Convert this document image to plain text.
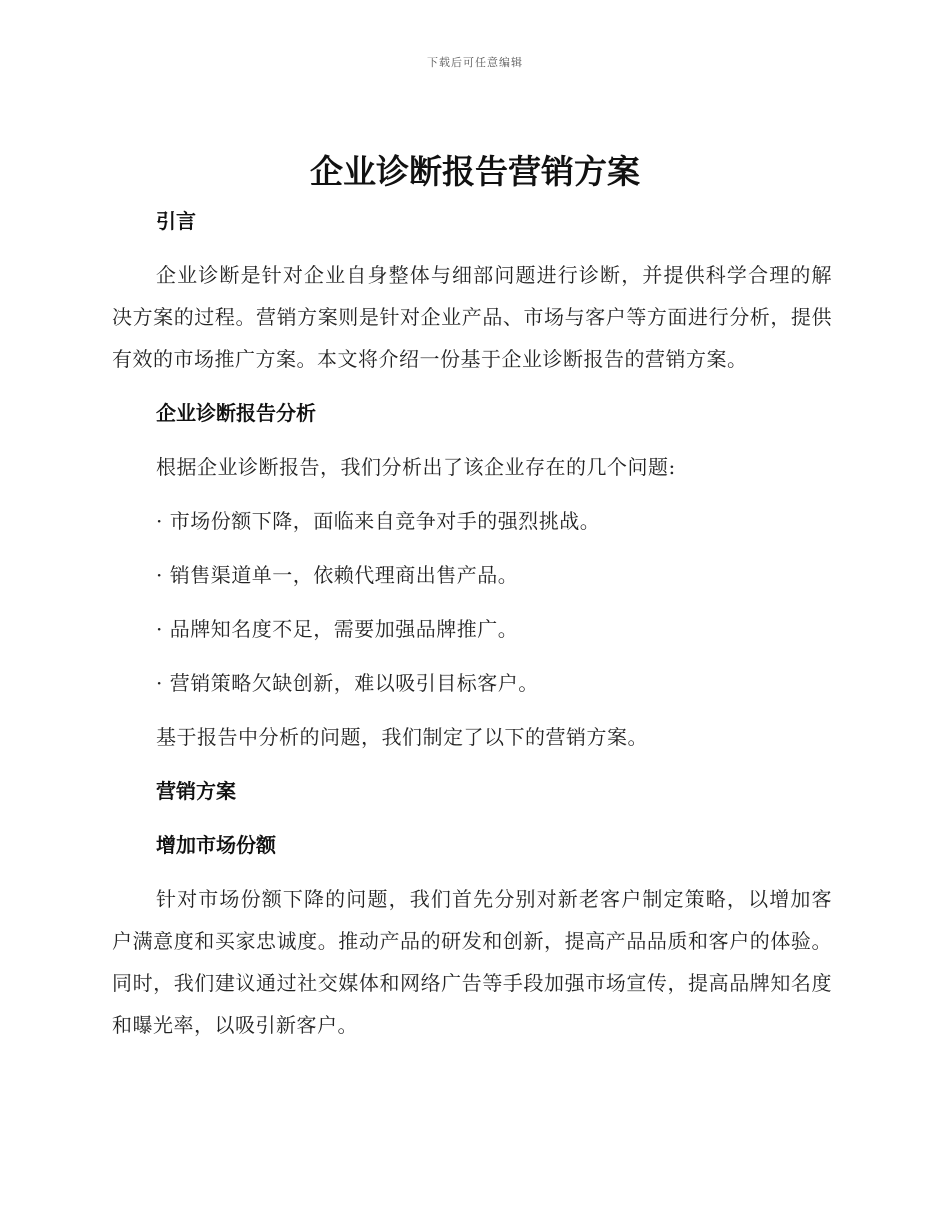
下载后可任意编辑
企业诊断报告营销方案
引言

企业诊断是针对企业自身整体与细部问题进行诊断，并提供科学合理的解决方案的过程。营销方案则是针对企业产品、市场与客户等方面进行分析，提供有效的市场推广方案。本文将介绍一份基于企业诊断报告的营销方案。

企业诊断报告分析

根据企业诊断报告，我们分析出了该企业存在的几个问题:

· 市场份额下降，面临来自竞争对手的强烈挑战。

· 销售渠道单一，依赖代理商出售产品。

· 品牌知名度不足，需要加强品牌推广。

· 营销策略欠缺创新，难以吸引目标客户。

基于报告中分析的问题，我们制定了以下的营销方案。

营销方案
增加市场份额

针对市场份额下降的问题，我们首先分别对新老客户制定策略，以增加客户满意度和买家忠诚度。推动产品的研发和创新，提高产品品质和客户的体验。同时，我们建议通过社交媒体和网络广告等手段加强市场宣传，提高品牌知名度和曝光率，以吸引新客户。
